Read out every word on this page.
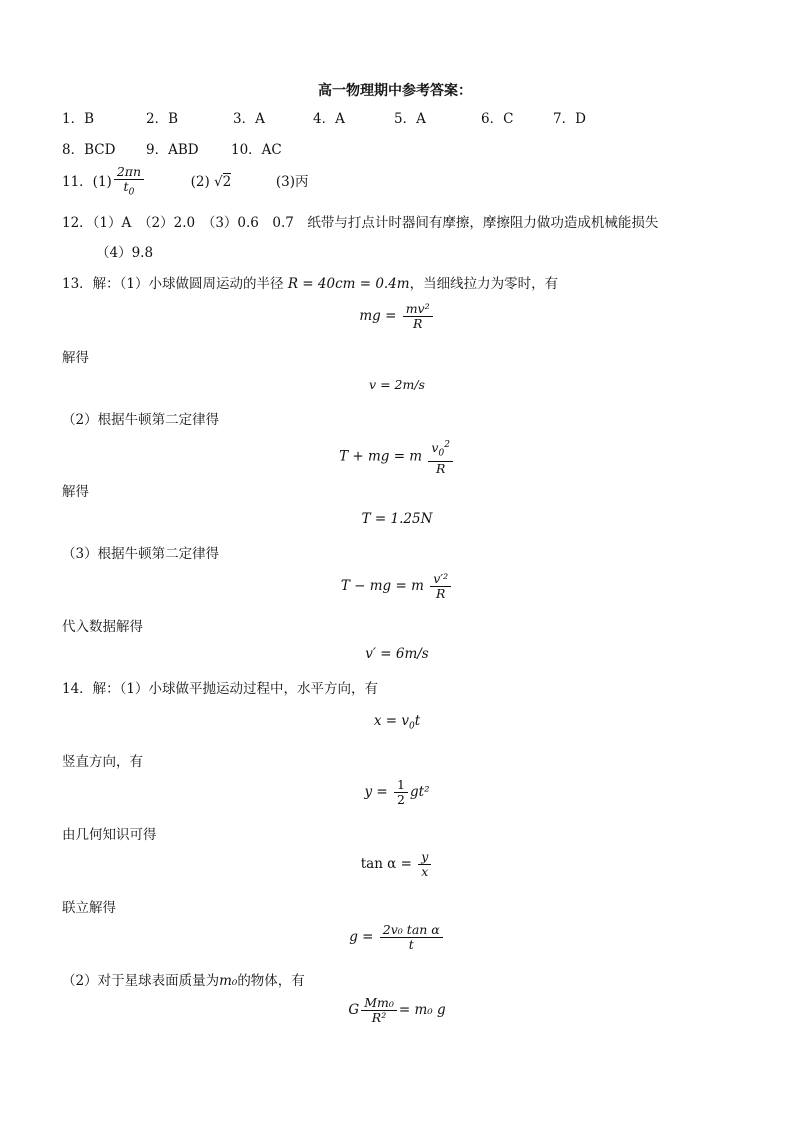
高一物理期中参考答案：
1．B	2．B	3．A	4．A	5．A	6．C	7．D
8．BCD 9．ABD 10．AC
11．$(1) \frac{2\pi n}{t_0}$	(2) √2	(3)丙
12．（1）A　（2）2.0　（3）0.6　0.7　纸带与打点计时器间有摩擦，摩擦阻力做功造成机械能损失
（4）9.8
13．解：（1）小球做圆周运动的半径 R = 40cm = 0.4m，当细线拉力为零时，有
mg = $\frac{\text{mv²}}{R}$
解得
v = 2m/s
（2）根据牛顿第二定律得
T + mg = m $\frac{v_0^2}{R}$
解得
T = 1.25N
（3）根据牛顿第二定律得
T − mg = m $\frac{\text{v′²}}{R}$
代入数据解得
v′ = 6m/s
14．解：（1）小球做平抛运动过程中，水平方向，有
$x = v_0t$
竖直方向，有
$y = \frac{1}{2} gt^2$
由几何知识可得
$\tan \alpha = \frac{y}{x}$
联立解得
$g = \frac{\text{2v₀ tan α}}{t}$
（2）对于星球表面质量为m₀的物体，有
G $\frac{\text{Mm₀}}{\text{R²}} = m_0$ g
